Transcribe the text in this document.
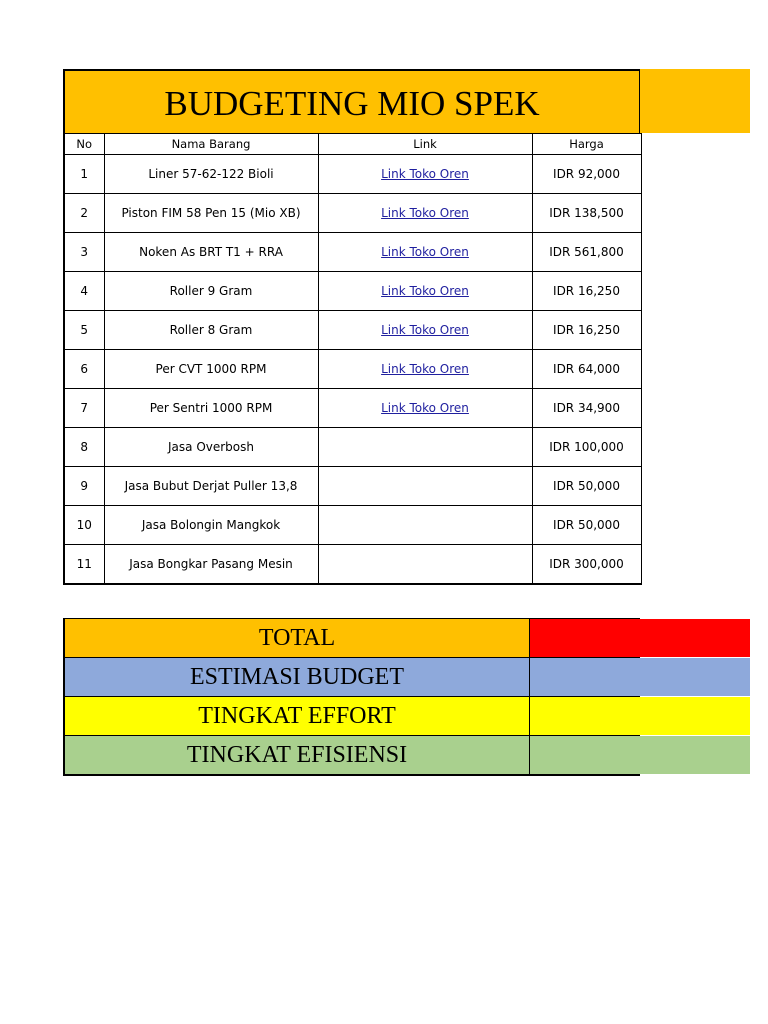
BUDGETING MIO SPEK
No	Nama Barang	Link	Harga
1	Liner 57-62-122 Bioli	Link Toko Oren	IDR 92,000
2	Piston FIM 58 Pen 15 (Mio XB)	Link Toko Oren	IDR 138,500
3	Noken As BRT T1 + RRA	Link Toko Oren	IDR 561,800
4	Roller 9 Gram	Link Toko Oren	IDR 16,250
5	Roller 8 Gram	Link Toko Oren	IDR 16,250
6	Per CVT 1000 RPM	Link Toko Oren	IDR 64,000
7	Per Sentri 1000 RPM	Link Toko Oren	IDR 34,900
8	Jasa Overbosh		IDR 100,000
9	Jasa Bubut Derjat Puller 13,8		IDR 50,000
10	Jasa Bolongin Mangkok		IDR 50,000
11	Jasa Bongkar Pasang Mesin		IDR 300,000
TOTAL
ESTIMASI BUDGET
TINGKAT EFFORT
TINGKAT EFISIENSI
